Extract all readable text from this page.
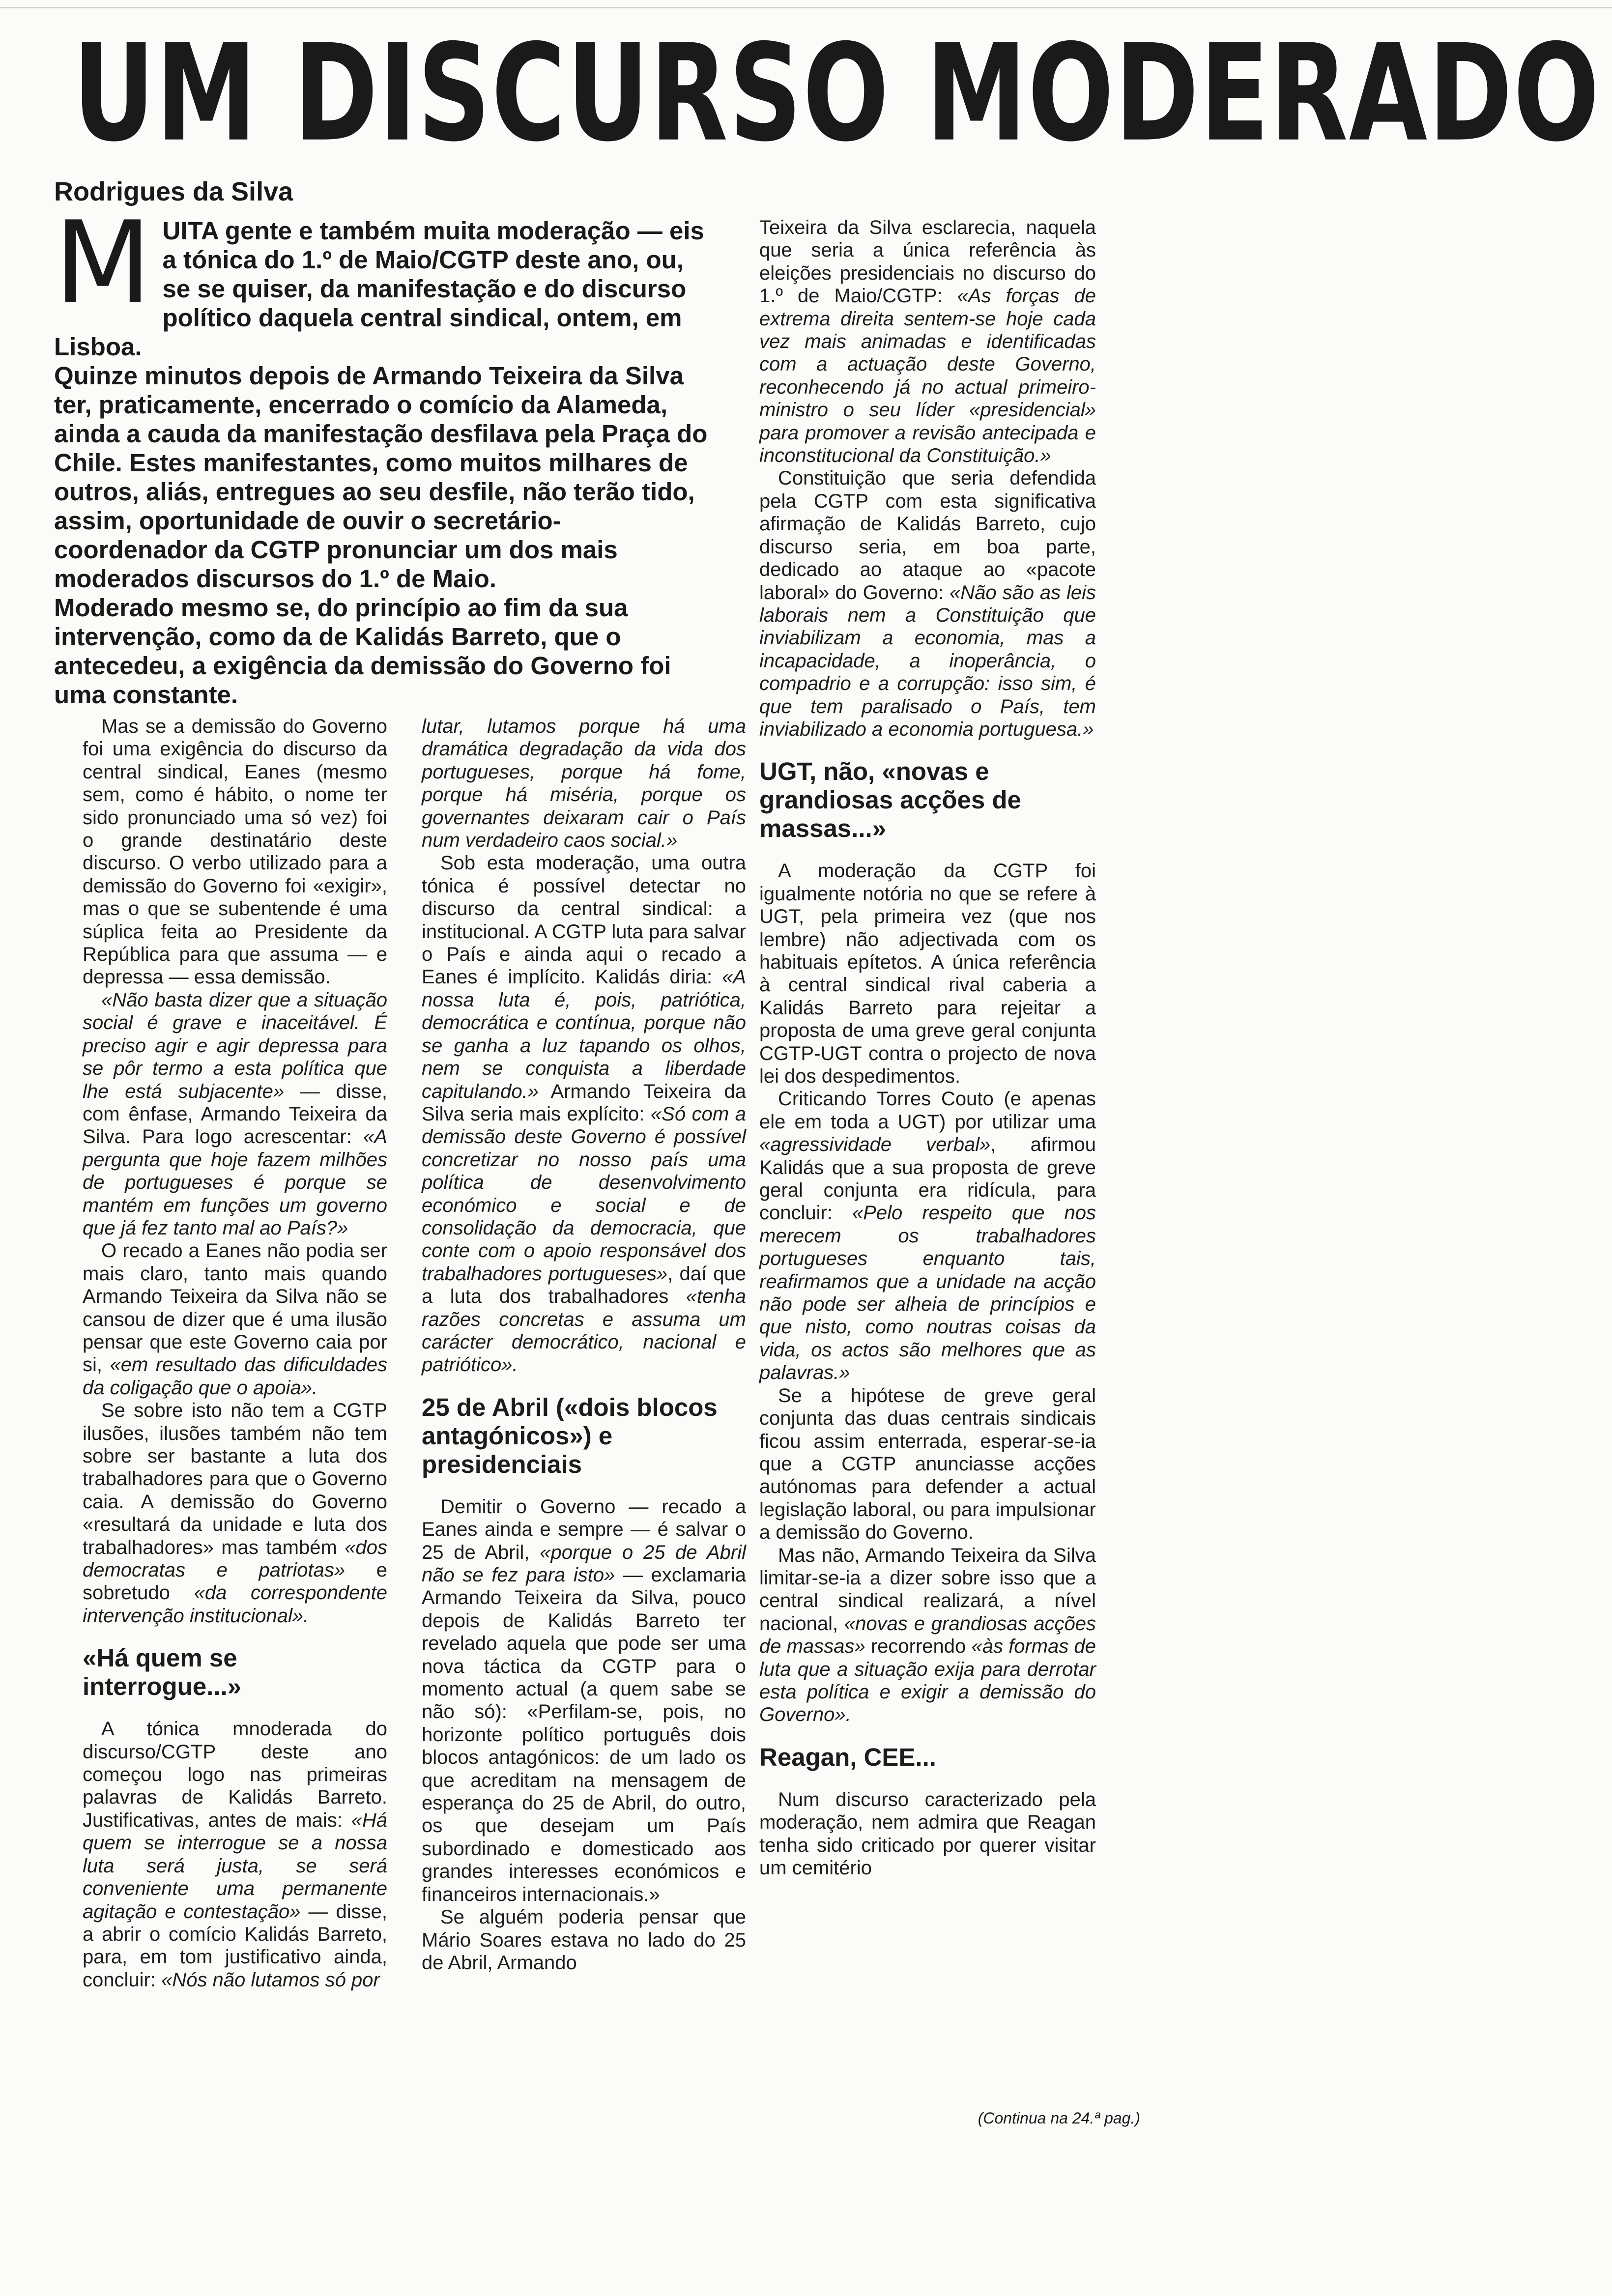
UM DISCURSO MODERADO
Rodrigues da Silva
M UITA gente e também muita moderação — eis a tónica do 1.º de Maio/CGTP deste ano, ou, se se quiser, da manifestação e do discurso político daquela central sindical, ontem, em Lisboa.

Quinze minutos depois de Armando Teixeira da Silva ter, praticamente, encerrado o comício da Alameda, ainda a cauda da manifestação desfilava pela Praça do Chile. Estes manifestantes, como muitos milhares de outros, aliás, entregues ao seu desfile, não terão tido, assim, oportunidade de ouvir o secretário-coordenador da CGTP pronunciar um dos mais moderados discursos do 1.º de Maio.

Moderado mesmo se, do princípio ao fim da sua intervenção, como da de Kalidás Barreto, que o antecedeu, a exigência da demissão do Governo foi uma constante.

Mas se a demissão do Governo foi uma exigência do discurso da central sindical, Eanes (mesmo sem, como é hábito, o nome ter sido pronunciado uma só vez) foi o grande destinatário deste discurso. O verbo utilizado para a demissão do Governo foi «exigir», mas o que se subentende é uma súplica feita ao Presidente da República para que assuma — e depressa — essa demissão.

«Não basta dizer que a situação social é grave e inaceitável. É preciso agir e agir depressa para se pôr termo a esta política que lhe está subjacente» — disse, com ênfase, Armando Teixeira da Silva. Para logo acrescentar: «A pergunta que hoje fazem milhões de portugueses é porque se mantém em funções um governo que já fez tanto mal ao País?»

O recado a Eanes não podia ser mais claro, tanto mais quando Armando Teixeira da Silva não se cansou de dizer que é uma ilusão pensar que este Governo caia por si, «em resultado das dificuldades da coligação que o apoia».

Se sobre isto não tem a CGTP ilusões, ilusões também não tem sobre ser bastante a luta dos trabalhadores para que o Governo caia. A demissão do Governo «resultará da unidade e luta dos trabalhadores» mas também «dos democratas e patriotas» e sobretudo «da correspondente intervenção institucional».

«Há quem se interrogue...»

A tónica mnoderada do discurso/CGTP deste ano começou logo nas primeiras palavras de Kalidás Barreto. Justificativas, antes de mais: «Há quem se interrogue se a nossa luta será justa, se será conveniente uma permanente agitação e contestação» — disse, a abrir o comício Kalidás Barreto, para, em tom justificativo ainda, concluir: «Nós não lutamos só por

lutar, lutamos porque há uma dramática degradação da vida dos portugueses, porque há fome, porque há miséria, porque os governantes deixaram cair o País num verdadeiro caos social.»

Sob esta moderação, uma outra tónica é possível detectar no discurso da central sindical: a institucional. A CGTP luta para salvar o País e ainda aqui o recado a Eanes é implícito. Kalidás diria: «A nossa luta é, pois, patriótica, democrática e contínua, porque não se ganha a luz tapando os olhos, nem se conquista a liberdade capitulando.» Armando Teixeira da Silva seria mais explícito: «Só com a demissão deste Governo é possível concretizar no nosso país uma política de desenvolvimento económico e social e de consolidação da democracia, que conte com o apoio responsável dos trabalhadores portugueses», daí que a luta dos trabalhadores «tenha razões concretas e assuma um carácter democrático, nacional e patriótico».

25 de Abril («dois blocos antagónicos») e presidenciais

Demitir o Governo — recado a Eanes ainda e sempre — é salvar o 25 de Abril, «porque o 25 de Abril não se fez para isto» — exclamaria Armando Teixeira da Silva, pouco depois de Kalidás Barreto ter revelado aquela que pode ser uma nova táctica da CGTP para o momento actual (a quem sabe se não só): «Perfilam-se, pois, no horizonte político português dois blocos antagónicos: de um lado os que acreditam na mensagem de esperança do 25 de Abril, do outro, os que desejam um País subordinado e domesticado aos grandes interesses económicos e financeiros internacionais.»

Se alguém poderia pensar que Mário Soares estava no lado do 25 de Abril, Armando

Teixeira da Silva esclarecia, naquela que seria a única referência às eleições presidenciais no discurso do 1.º de Maio/CGTP: «As forças de extrema direita sentem-se hoje cada vez mais animadas e identificadas com a actuação deste Governo, reconhecendo já no actual primeiro-ministro o seu líder «presidencial» para promover a revisão antecipada e inconstitucional da Constituição.»

Constituição que seria defendida pela CGTP com esta significativa afirmação de Kalidás Barreto, cujo discurso seria, em boa parte, dedicado ao ataque ao «pacote laboral» do Governo: «Não são as leis laborais nem a Constituição que inviabilizam a economia, mas a incapacidade, a inoperância, o compadrio e a corrupção: isso sim, é que tem paralisado o País, tem inviabilizado a economia portuguesa.»

UGT, não, «novas e grandiosas acções de massas...»

A moderação da CGTP foi igualmente notória no que se refere à UGT, pela primeira vez (que nos lembre) não adjectivada com os habituais epítetos. A única referência à central sindical rival caberia a Kalidás Barreto para rejeitar a proposta de uma greve geral conjunta CGTP-UGT contra o projecto de nova lei dos despedimentos.

Criticando Torres Couto (e apenas ele em toda a UGT) por utilizar uma «agressividade verbal», afirmou Kalidás que a sua proposta de greve geral conjunta era ridícula, para concluir: «Pelo respeito que nos merecem os trabalhadores portugueses enquanto tais, reafirmamos que a unidade na acção não pode ser alheia de princípios e que nisto, como noutras coisas da vida, os actos são melhores que as palavras.»

Se a hipótese de greve geral conjunta das duas centrais sindicais ficou assim enterrada, esperar-se-ia que a CGTP anunciasse acções autónomas para defender a actual legislação laboral, ou para impulsionar a demissão do Governo.

Mas não, Armando Teixeira da Silva limitar-se-ia a dizer sobre isso que a central sindical realizará, a nível nacional, «novas e grandiosas acções de massas» recorrendo «às formas de luta que a situação exija para derrotar esta política e exigir a demissão do Governo».

Reagan, CEE...

Num discurso caracterizado pela moderação, nem admira que Reagan tenha sido criticado por querer visitar um cemitério

(Continua na 24.ª pag.)
